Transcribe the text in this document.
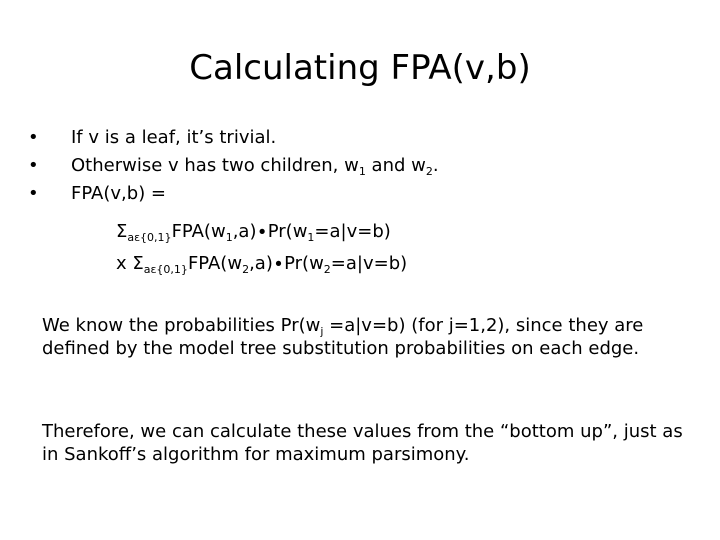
Calculating FPA(v,b)
• If v is a leaf, it’s trivial.
• Otherwise v has two children, $w_1$ and $w_2$.
• FPA(v,b) =
$\Sigma_{a\varepsilon\{0,1\}}FPA(w_1,a)\cdot Pr(w_1=a|v=b)$
x $\Sigma_{a\varepsilon\{0,1\}}FPA(w_2,a)\cdot Pr(w_2=a|v=b)$
We know the probabilities $Pr(w_j =a|v=b)$ (for j=1,2), since they are defined by the model tree substitution probabilities on each edge.
Therefore, we can calculate these values from the “bottom up”, just as in Sankoff’s algorithm for maximum parsimony.
